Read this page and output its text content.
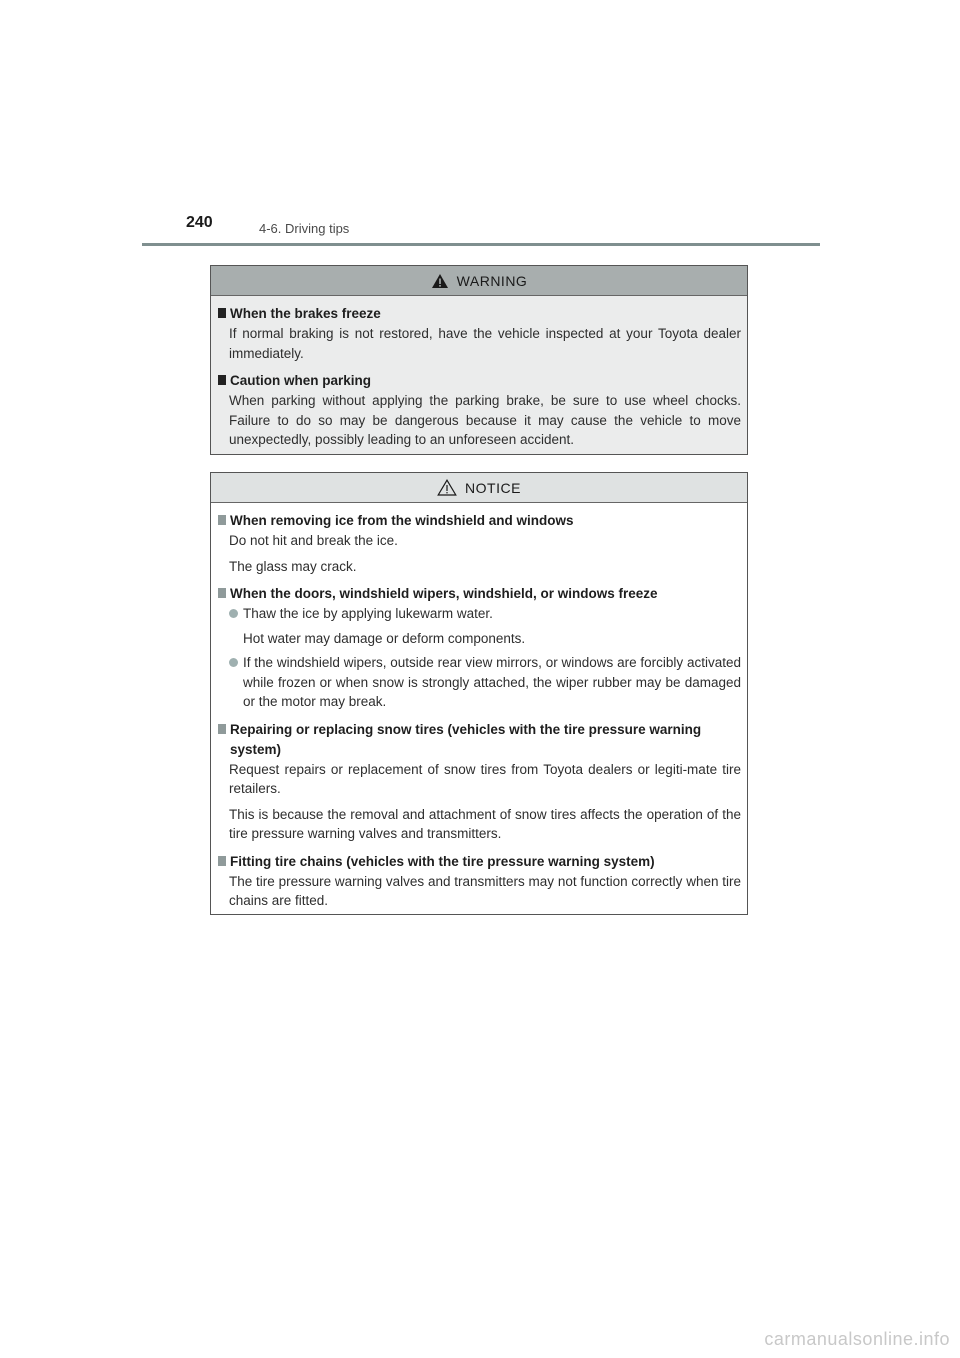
240	4-6. Driving tips
WARNING
When the brakes freeze

If normal braking is not restored, have the vehicle inspected at your Toyota dealer immediately.

Caution when parking

When parking without applying the parking brake, be sure to use wheel chocks. Failure to do so may be dangerous because it may cause the vehicle to move unexpectedly, possibly leading to an unforeseen accident.

NOTICE
When removing ice from the windshield and windows

Do not hit and break the ice.

The glass may crack.

When the doors, windshield wipers, windshield, or windows freeze
Thaw the ice by applying lukewarm water.

Hot water may damage or deform components.

If the windshield wipers, outside rear view mirrors, or windows are forcibly activated while frozen or when snow is strongly attached, the wiper rubber may be damaged or the motor may break.
Repairing or replacing snow tires (vehicles with the tire pressure warning system)

Request repairs or replacement of snow tires from Toyota dealers or legiti-mate tire retailers.

This is because the removal and attachment of snow tires affects the operation of the tire pressure warning valves and transmitters.

Fitting tire chains (vehicles with the tire pressure warning system)

The tire pressure warning valves and transmitters may not function correctly when tire chains are fitted.

carmanualsonline.info
